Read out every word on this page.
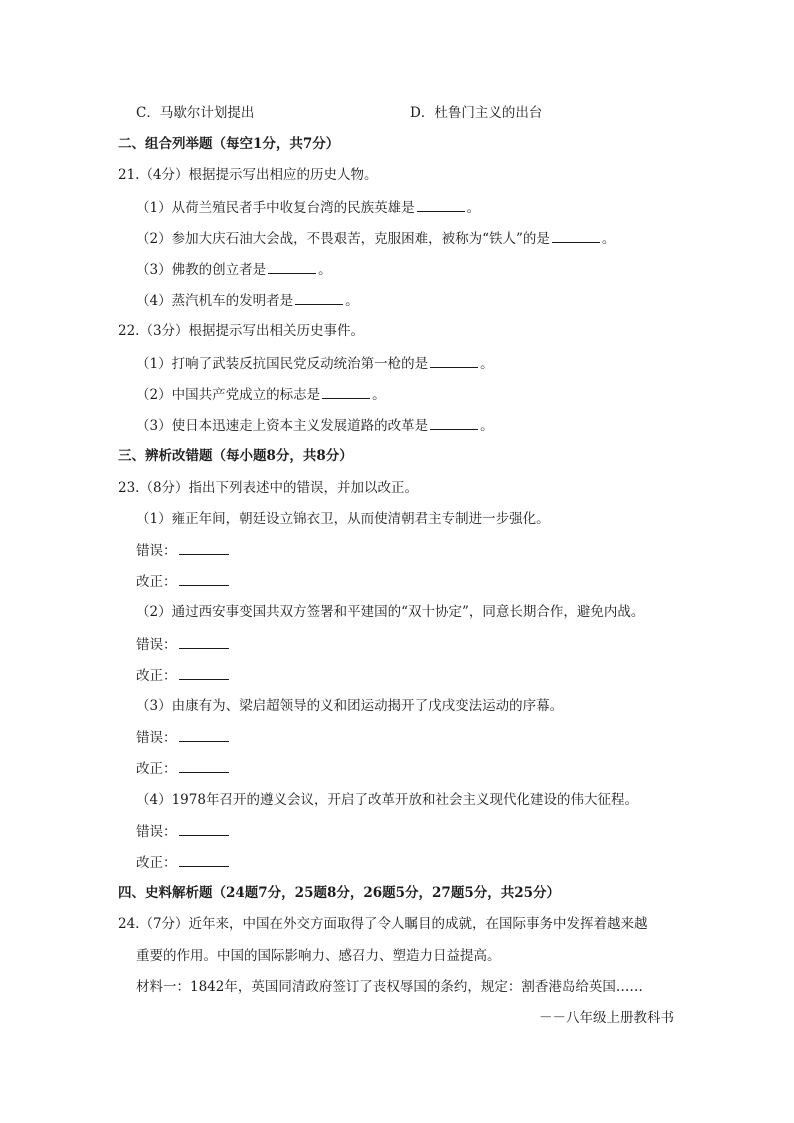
C．马歇尔计划提出	D．杜鲁门主义的出台
二、组合列举题（每空1分，共7分）
21.（4分）根据提示写出相应的历史人物。
（1）从荷兰殖民者手中收复台湾的民族英雄是	。
（2）参加大庆石油大会战，不畏艰苦，克服困难，被称为“铁人”的是	。
（3）佛教的创立者是	。
（4）蒸汽机车的发明者是	。
22.（3分）根据提示写出相关历史事件。
（1）打响了武装反抗国民党反动统治第一枪的是	。
（2）中国共产党成立的标志是	。
（3）使日本迅速走上资本主义发展道路的改革是	。
三、辨析改错题（每小题8分，共8分）
23.（8分）指出下列表述中的错误，并加以改正。
（1）雍正年间，朝廷设立锦衣卫，从而使清朝君主专制进一步强化。
错误：
改正：
（2）通过西安事变国共双方签署和平建国的“双十协定”，同意长期合作，避免内战。
错误：
改正：
（3）由康有为、梁启超领导的义和团运动揭开了戊戌变法运动的序幕。
错误：
改正：
（4）1978年召开的遵义会议，开启了改革开放和社会主义现代化建设的伟大征程。
错误：
改正：
四、史料解析题（24题7分，25题8分，26题5分，27题5分，共25分）
24.（7分）近年来，中国在外交方面取得了令人瞩目的成就，在国际事务中发挥着越来越
重要的作用。中国的国际影响力、感召力、塑造力日益提高。
材料一：1842年，英国同清政府签订了丧权辱国的条约，规定：割香港岛给英国……
－－八年级上册教科书
